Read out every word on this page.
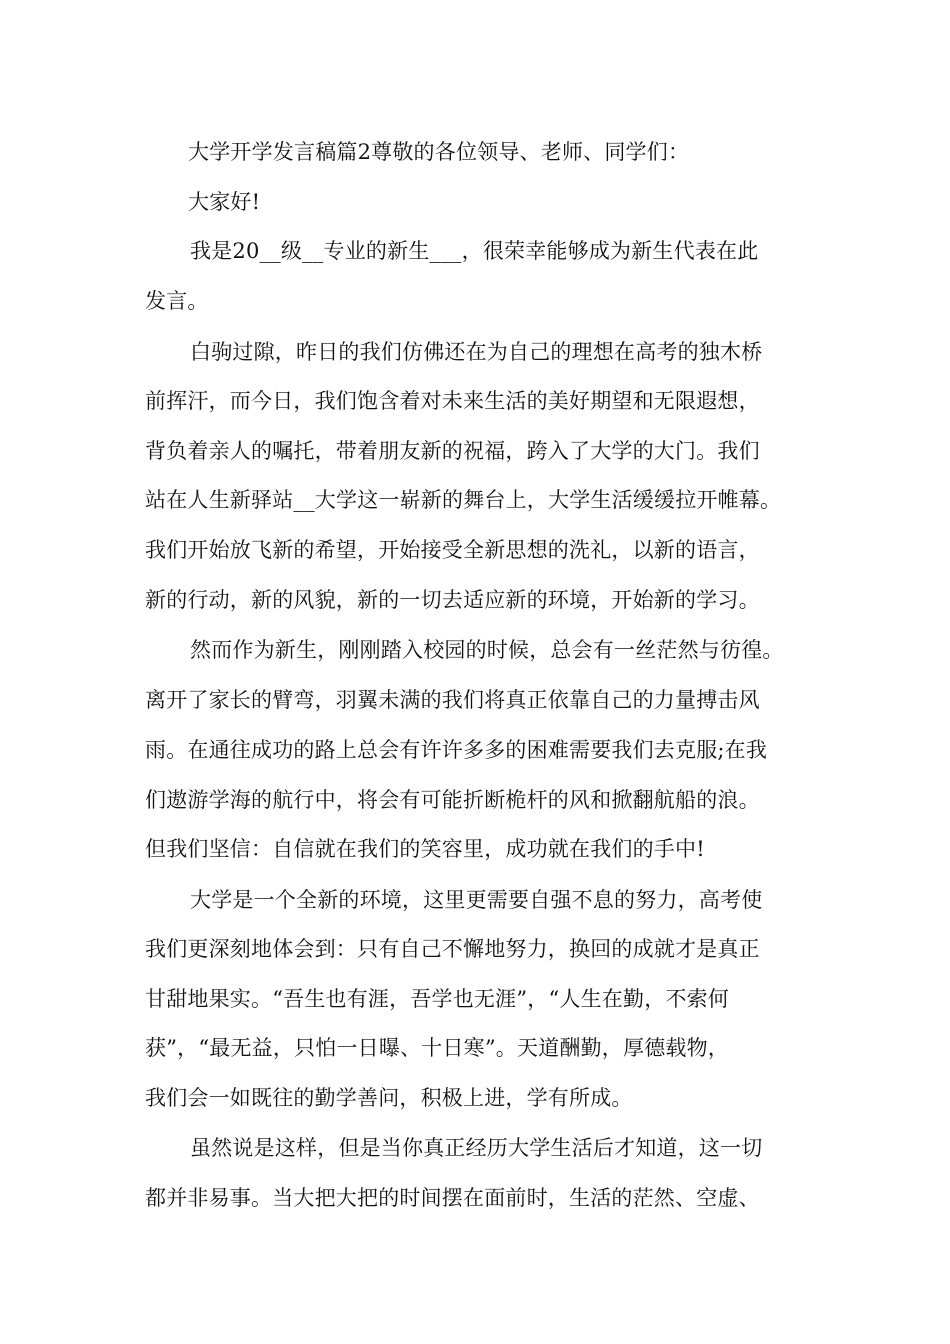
大学开学发言稿篇2尊敬的各位领导、老师、同学们：
大家好!
我是20__级__专业的新生___，很荣幸能够成为新生代表在此
发言。
白驹过隙，昨日的我们仿佛还在为自己的理想在高考的独木桥
前挥汗，而今日，我们饱含着对未来生活的美好期望和无限遐想，
背负着亲人的嘱托，带着朋友新的祝福，跨入了大学的大门。我们
站在人生新驿站__大学这一崭新的舞台上，大学生活缓缓拉开帷幕。
我们开始放飞新的希望，开始接受全新思想的洗礼，以新的语言，
新的行动，新的风貌，新的一切去适应新的环境，开始新的学习。
然而作为新生，刚刚踏入校园的时候，总会有一丝茫然与彷徨。
离开了家长的臂弯，羽翼未满的我们将真正依靠自己的力量搏击风
雨。在通往成功的路上总会有许许多多的困难需要我们去克服;在我
们遨游学海的航行中，将会有可能折断桅杆的风和掀翻航船的浪。
但我们坚信：自信就在我们的笑容里，成功就在我们的手中!
大学是一个全新的环境，这里更需要自强不息的努力，高考使
我们更深刻地体会到：只有自己不懈地努力，换回的成就才是真正
甘甜地果实。“吾生也有涯，吾学也无涯”，“人生在勤，不索何
获”，“最无益，只怕一日曝、十日寒”。天道酬勤，厚德载物，
我们会一如既往的勤学善问，积极上进，学有所成。
虽然说是这样，但是当你真正经历大学生活后才知道，这一切
都并非易事。当大把大把的时间摆在面前时，生活的茫然、空虚、
